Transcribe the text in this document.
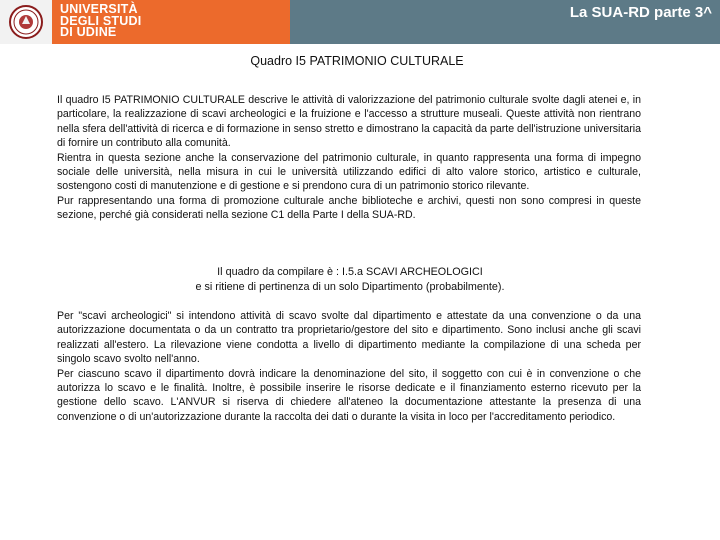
UNIVERSITÀ
DEGLI STUDI
DI UDINE
La SUA-RD parte 3^
Quadro I5 PATRIMONIO CULTURALE

Il quadro I5 PATRIMONIO CULTURALE descrive le attività di valorizzazione del patrimonio culturale svolte dagli atenei e, in particolare, la realizzazione di scavi archeologici e la fruizione e l'accesso a strutture museali. Queste attività non rientrano nella sfera dell'attività di ricerca e di formazione in senso stretto e dimostrano la capacità da parte dell'istruzione universitaria di fornire un contributo alla comunità.

Rientra in questa sezione anche la conservazione del patrimonio culturale, in quanto rappresenta una forma di impegno sociale delle università, nella misura in cui le università utilizzando edifici di alto valore storico, artistico e culturale, sostengono costi di manutenzione e di gestione e si prendono cura di un patrimonio storico rilevante.

Pur rappresentando una forma di promozione culturale anche biblioteche e archivi, questi non sono compresi in queste sezione, perché già considerati nella sezione C1 della Parte I della SUA-RD.

Il quadro da compilare è : I.5.a SCAVI ARCHEOLOGICI
e si ritiene di pertinenza di un solo Dipartimento (probabilmente).

Per "scavi archeologici" si intendono attività di scavo svolte dal dipartimento e attestate da una convenzione o da una autorizzazione documentata o da un contratto tra proprietario/gestore del sito e dipartimento. Sono inclusi anche gli scavi realizzati all'estero. La rilevazione viene condotta a livello di dipartimento mediante la compilazione di una scheda per singolo scavo svolto nell'anno.

Per ciascuno scavo il dipartimento dovrà indicare la denominazione del sito, il soggetto con cui è in convenzione o che autorizza lo scavo e le finalità. Inoltre, è possibile inserire le risorse dedicate e il finanziamento esterno ricevuto per la gestione dello scavo. L'ANVUR si riserva di chiedere all'ateneo la documentazione attestante la presenza di una convenzione o di un'autorizzazione durante la raccolta dei dati o durante la visita in loco per l'accreditamento periodico.
